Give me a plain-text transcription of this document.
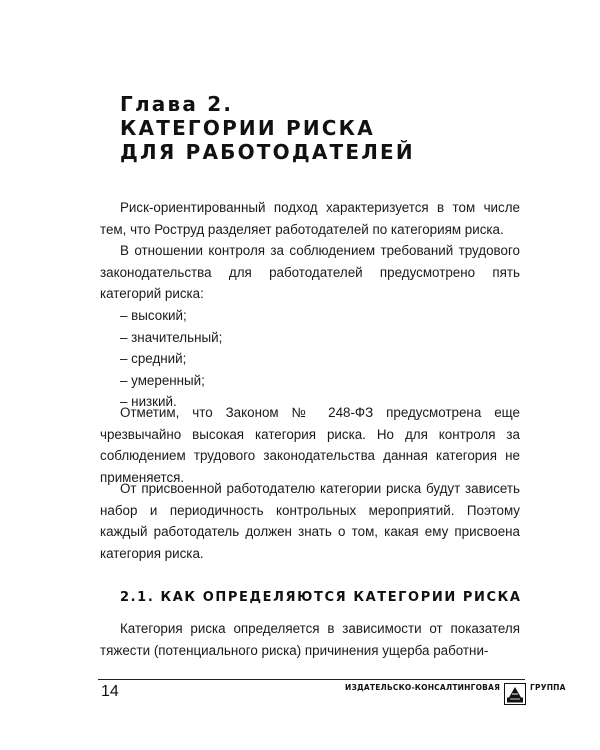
Глава 2.
КАТЕГОРИИ РИСКА
ДЛЯ РАБОТОДАТЕЛЕЙ

Риск-ориентированный подход характеризуется в том числе тем, что Роструд разделяет работодателей по категориям риска.

В отношении контроля за соблюдением требований трудового законодательства для работодателей предусмотрено пять категорий риска:

– высокий;
– значительный;
– средний;
– умеренный;
– низкий.

Отметим, что Законом № 248-ФЗ предусмотрена еще чрезвычайно высокая категория риска. Но для контроля за соблюдением трудового законодательства данная категория не применяется.

От присвоенной работодателю категории риска будут зависеть набор и периодичность контрольных мероприятий. Поэтому каждый работодатель должен знать о том, какая ему присвоена категория риска.

2.1. КАК ОПРЕДЕЛЯЮТСЯ КАТЕГОРИИ РИСКА

Категория риска определяется в зависимости от показателя тяжести (потенциального риска) причинения ущерба работни-

14	ИЗДАТЕЛЬСКО-КОНСАЛТИНГОВАЯ	ГРУППА
